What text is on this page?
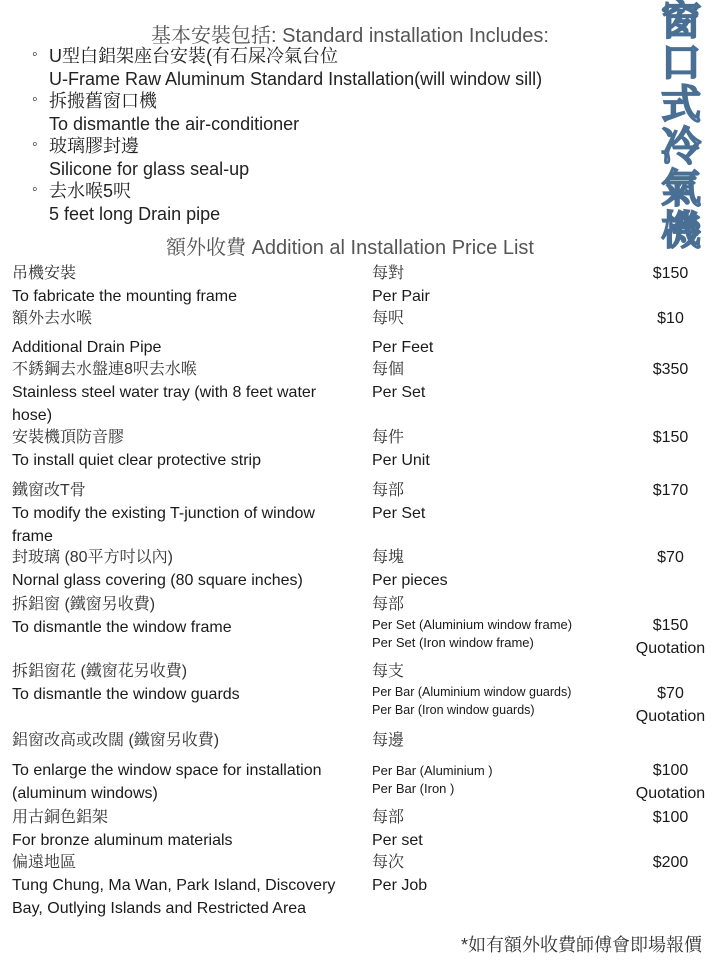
窗
口
式
冷
氣
機
基本安裝包括: Standard installation Includes:
◦ U型白鋁架座台安裝(有石屎冷氣台位
U-Frame Raw Aluminum Standard Installation(will window sill)
◦ 拆搬舊窗口機
To dismantle the air-conditioner
◦ 玻璃膠封邊
Silicone for glass seal-up
◦ 去水喉5呎
5 feet long Drain pipe
額外收費 Addition al Installation Price List
吊機安裝
To fabricate the mounting frame
每對
Per Pair
$150
額外去水喉
Additional Drain Pipe
每呎
Per Feet
$10
不銹鋼去水盤連8呎去水喉
Stainless steel water tray (with 8 feet water hose)
每個
Per Set
$350
安裝機頂防音膠
To install quiet clear protective strip
每件
Per Unit
$150
鐵窗改T骨
To modify the existing T-junction of window frame
每部
Per Set
$170
封玻璃 (80平方吋以內)
Nornal glass covering (80 square inches)
每塊
Per pieces
$70
拆鋁窗 (鐵窗另收費)
To dismantle the window frame
每部
Per Set (Aluminium window frame)
Per Set (Iron window frame)
$150
Quotation
拆鋁窗花 (鐵窗花另收費)
To dismantle the window guards
每支
Per Bar (Aluminium window guards)
Per Bar (Iron window guards)
$70
Quotation
鋁窗改高或改闊 (鐵窗另收費)
To enlarge the window space for installation (aluminum windows)
每邊
Per Bar (Aluminium )
Per Bar (Iron )
$100
Quotation
用古銅色鋁架
For bronze aluminum materials
每部
Per set
$100
偏遠地區
Tung Chung, Ma Wan, Park Island, Discovery Bay, Outlying Islands and Restricted Area
每次
Per Job
$200
*如有額外收費師傅會即場報價
